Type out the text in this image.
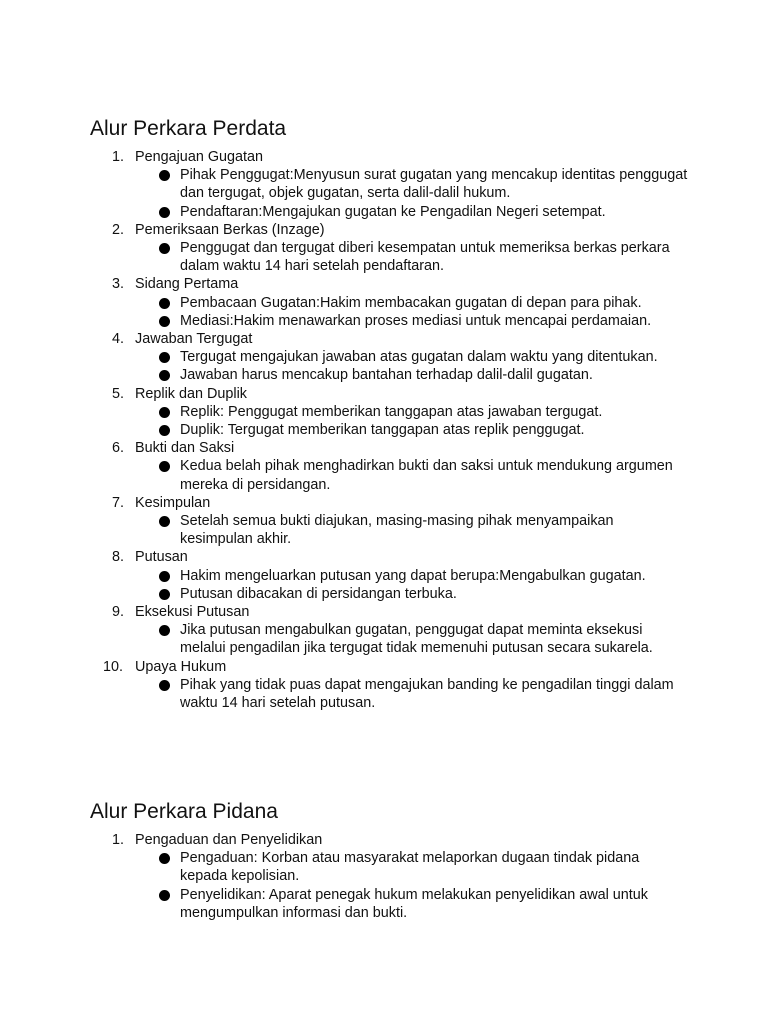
Alur Perkara Perdata
1. Pengajuan Gugatan
Pihak Penggugat:Menyusun surat gugatan yang mencakup identitas penggugat dan tergugat, objek gugatan, serta dalil-dalil hukum.
Pendaftaran:Mengajukan gugatan ke Pengadilan Negeri setempat.
2. Pemeriksaan Berkas (Inzage)
Penggugat dan tergugat diberi kesempatan untuk memeriksa berkas perkara dalam waktu 14 hari setelah pendaftaran.
3. Sidang Pertama
Pembacaan Gugatan:Hakim membacakan gugatan di depan para pihak.
Mediasi:Hakim menawarkan proses mediasi untuk mencapai perdamaian.
4. Jawaban Tergugat
Tergugat mengajukan jawaban atas gugatan dalam waktu yang ditentukan.
Jawaban harus mencakup bantahan terhadap dalil-dalil gugatan.
5. Replik dan Duplik
Replik: Penggugat memberikan tanggapan atas jawaban tergugat.
Duplik: Tergugat memberikan tanggapan atas replik penggugat.
6. Bukti dan Saksi
Kedua belah pihak menghadirkan bukti dan saksi untuk mendukung argumen mereka di persidangan.
7. Kesimpulan
Setelah semua bukti diajukan, masing-masing pihak menyampaikan kesimpulan akhir.
8. Putusan
Hakim mengeluarkan putusan yang dapat berupa:Mengabulkan gugatan.
Putusan dibacakan di persidangan terbuka.
9. Eksekusi Putusan
Jika putusan mengabulkan gugatan, penggugat dapat meminta eksekusi melalui pengadilan jika tergugat tidak memenuhi putusan secara sukarela.
10. Upaya Hukum
Pihak yang tidak puas dapat mengajukan banding ke pengadilan tinggi dalam waktu 14 hari setelah putusan.
Alur Perkara Pidana
1. Pengaduan dan Penyelidikan
Pengaduan: Korban atau masyarakat melaporkan dugaan tindak pidana kepada kepolisian.
Penyelidikan: Aparat penegak hukum melakukan penyelidikan awal untuk mengumpulkan informasi dan bukti.
